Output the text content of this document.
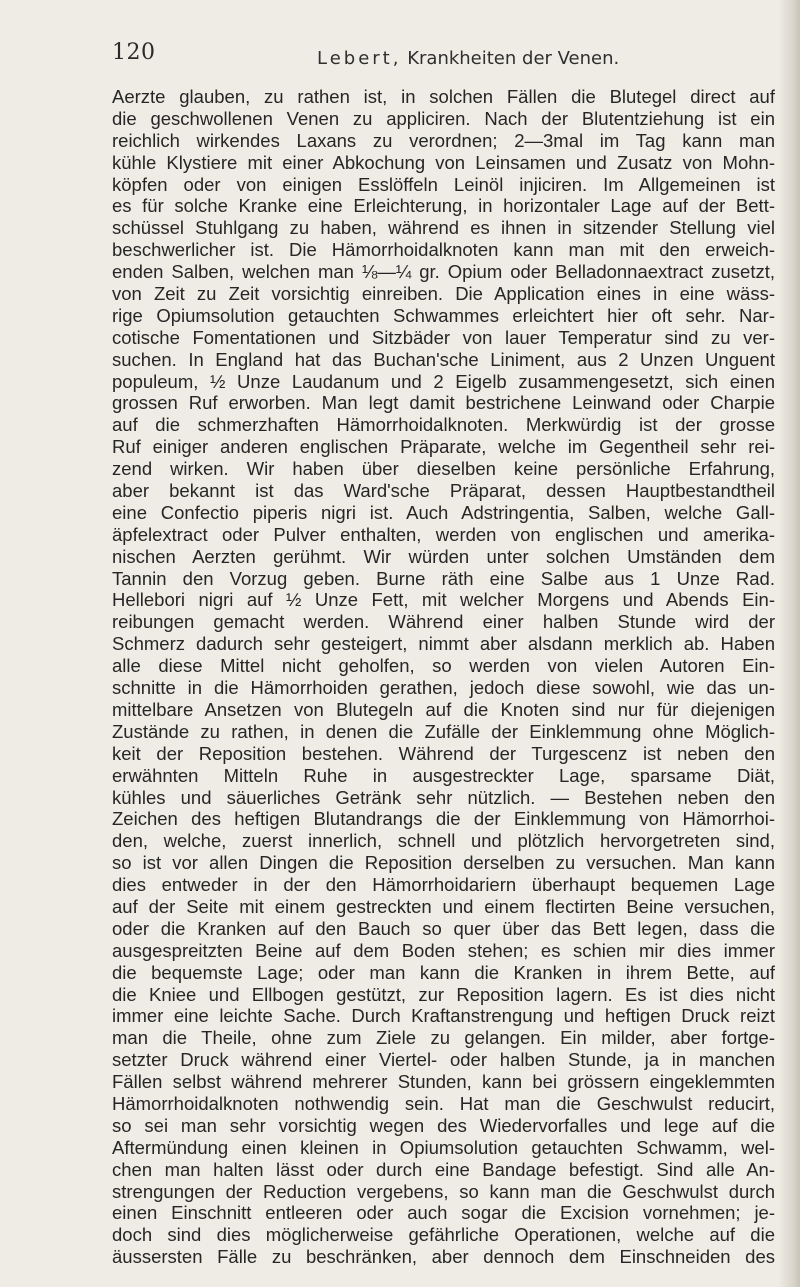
120	Lebert, Krankheiten der Venen.
Aerzte glauben, zu rathen ist, in solchen Fällen die Blutegel direct auf
die geschwollenen Venen zu appliciren. Nach der Blutentziehung ist ein
reichlich wirkendes Laxans zu verordnen; 2—3mal im Tag kann man
kühle Klystiere mit einer Abkochung von Leinsamen und Zusatz von Mohn-
köpfen oder von einigen Esslöffeln Leinöl injiciren. Im Allgemeinen ist
es für solche Kranke eine Erleichterung, in horizontaler Lage auf der Bett-
schüssel Stuhlgang zu haben, während es ihnen in sitzender Stellung viel
beschwerlicher ist. Die Hämorrhoidalknoten kann man mit den erweich-
enden Salben, welchen man ⅛—¼ gr. Opium oder Belladonnaextract zusetzt,
von Zeit zu Zeit vorsichtig einreiben. Die Application eines in eine wäss-
rige Opiumsolution getauchten Schwammes erleichtert hier oft sehr. Nar-
cotische Fomentationen und Sitzbäder von lauer Temperatur sind zu ver-
suchen. In England hat das Buchan'sche Liniment, aus 2 Unzen Unguent
populeum, ½ Unze Laudanum und 2 Eigelb zusammengesetzt, sich einen
grossen Ruf erworben. Man legt damit bestrichene Leinwand oder Charpie
auf die schmerzhaften Hämorrhoidalknoten. Merkwürdig ist der grosse
Ruf einiger anderen englischen Präparate, welche im Gegentheil sehr rei-
zend wirken. Wir haben über dieselben keine persönliche Erfahrung,
aber bekannt ist das Ward'sche Präparat, dessen Hauptbestandtheil
eine Confectio piperis nigri ist. Auch Adstringentia, Salben, welche Gall-
äpfelextract oder Pulver enthalten, werden von englischen und amerika-
nischen Aerzten gerühmt. Wir würden unter solchen Umständen dem
Tannin den Vorzug geben. Burne räth eine Salbe aus 1 Unze Rad.
Hellebori nigri auf ½ Unze Fett, mit welcher Morgens und Abends Ein-
reibungen gemacht werden. Während einer halben Stunde wird der
Schmerz dadurch sehr gesteigert, nimmt aber alsdann merklich ab. Haben
alle diese Mittel nicht geholfen, so werden von vielen Autoren Ein-
schnitte in die Hämorrhoiden gerathen, jedoch diese sowohl, wie das un-
mittelbare Ansetzen von Blutegeln auf die Knoten sind nur für diejenigen
Zustände zu rathen, in denen die Zufälle der Einklemmung ohne Möglich-
keit der Reposition bestehen. Während der Turgescenz ist neben den
erwähnten Mitteln Ruhe in ausgestreckter Lage, sparsame Diät,
kühles und säuerliches Getränk sehr nützlich. — Bestehen neben den
Zeichen des heftigen Blutandrangs die der Einklemmung von Hämorrhoi-
den, welche, zuerst innerlich, schnell und plötzlich hervorgetreten sind,
so ist vor allen Dingen die Reposition derselben zu versuchen. Man kann
dies entweder in der den Hämorrhoidariern überhaupt bequemen Lage
auf der Seite mit einem gestreckten und einem flectirten Beine versuchen,
oder die Kranken auf den Bauch so quer über das Bett legen, dass die
ausgespreitzten Beine auf dem Boden stehen; es schien mir dies immer
die bequemste Lage; oder man kann die Kranken in ihrem Bette, auf
die Kniee und Ellbogen gestützt, zur Reposition lagern. Es ist dies nicht
immer eine leichte Sache. Durch Kraftanstrengung und heftigen Druck reizt
man die Theile, ohne zum Ziele zu gelangen. Ein milder, aber fortge-
setzter Druck während einer Viertel- oder halben Stunde, ja in manchen
Fällen selbst während mehrerer Stunden, kann bei grössern eingeklemmten
Hämorrhoidalknoten nothwendig sein. Hat man die Geschwulst reducirt,
so sei man sehr vorsichtig wegen des Wiedervorfalles und lege auf die
Aftermündung einen kleinen in Opiumsolution getauchten Schwamm, wel-
chen man halten lässt oder durch eine Bandage befestigt. Sind alle An-
strengungen der Reduction vergebens, so kann man die Geschwulst durch
einen Einschnitt entleeren oder auch sogar die Excision vornehmen; je-
doch sind dies möglicherweise gefährliche Operationen, welche auf die
äussersten Fälle zu beschränken, aber dennoch dem Einschneiden des
